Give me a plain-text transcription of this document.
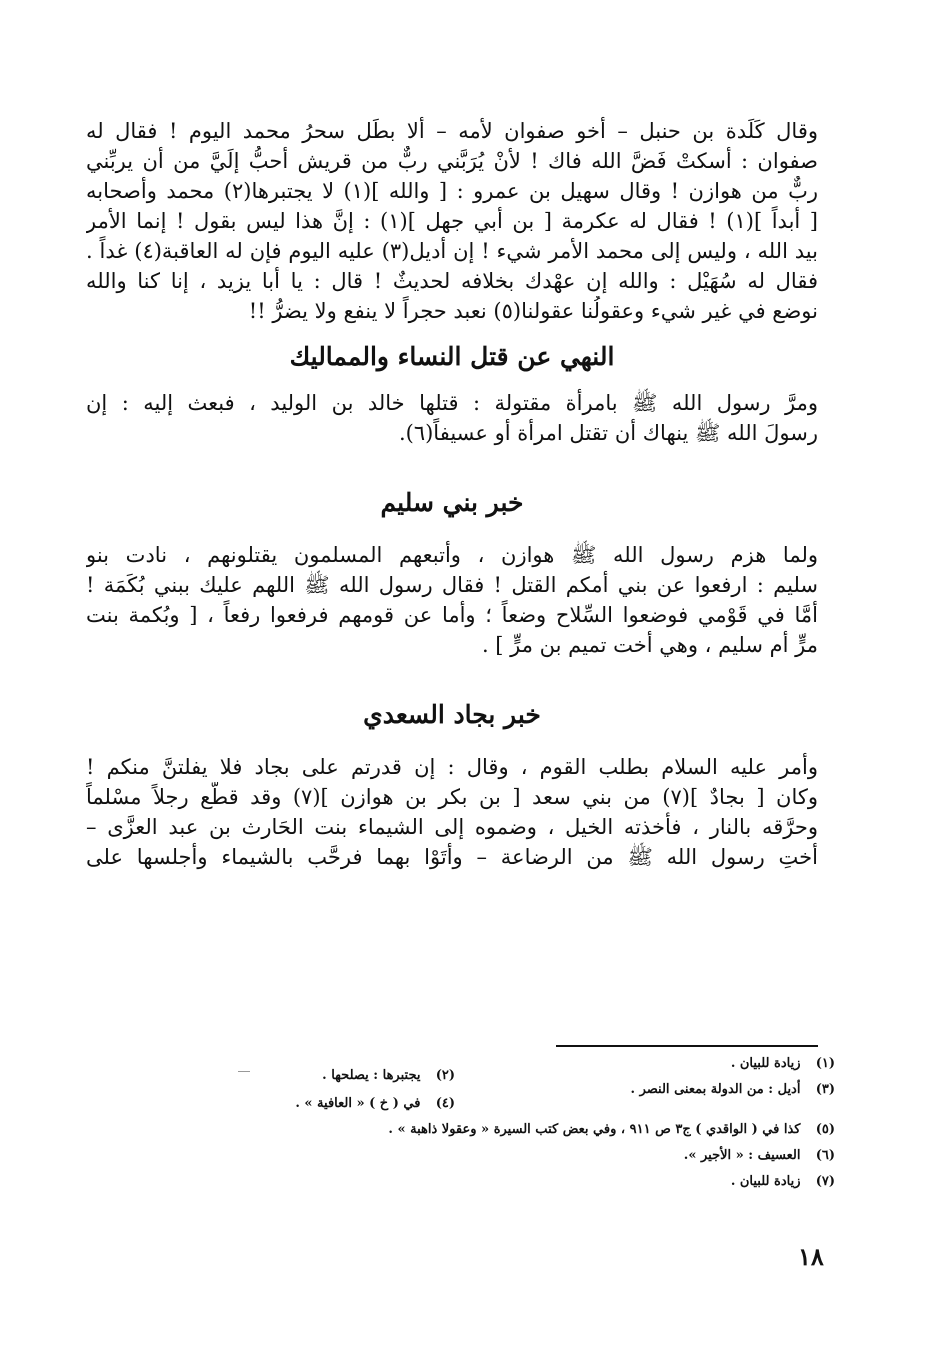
وقال كَلَدة بن حنبل – أخو صفوان لأمه – ألا بطَل سحرُ محمد اليوم ! فقال له
صفوان : أسكتْ فَضَّ الله فاك ! لأنْ يُرَبَّني ربٌّ من قريش أحبُّ إلَيَّ من أن يربِّني
ربٌّ من هوازن ! وقال سهيل بن عمرو : [ والله ](١) لا يجتبرها(٢) محمد وأصحابه
[ أبداً ](١) ! فقال له عكرمة [ بن أبي جهل ](١) : إنَّ هذا ليس بقول ! إنما الأمر
بيد الله ، وليس إلى محمد الأمر شيء ! إن أديل(٣) عليه اليوم فإن له العاقبة(٤) غداً .
فقال له سُهَيْل : والله إن عهْدك بخلافه لحديثٌ ! قال : يا أبا يزيد ، إنا كنا والله
نوضع في غير شيء وعقولُنا عقولنا(٥) نعبد حجراً لا ينفع ولا يضرُّ !!
النهي عن قتل النساء والمماليك
ومرَّ رسول الله ﷺ بامرأة مقتولة : قتلها خالد بن الوليد ، فبعث إليه : إن
رسولَ الله ﷺ ينهاك أن تقتل امرأة أو عسيفاً(٦).
خبر بني سليم
ولما هزم رسول الله ﷺ هوازن ، وأتبعهم المسلمون يقتلونهم ، نادت بنو
سليم : ارفعوا عن بني أمكم القتل ! فقال رسول الله ﷺ اللهم عليك ببني بُكَمَة !
أمَّا في قَوْمي فوضعوا السِّلاح وضعاً ؛ وأما عن قومهم فرفعوا رفعاً ، [ وبُكمة بنت
مرٍّ أم سليم ، وهي أخت تميم بن مرٍّ ] .
خبر بجاد السعدي
وأمر عليه السلام بطلب القوم ، وقال : إن قدرتم على بجاد فلا يفلتنَّ منكم !
وكان [ بجادٌ ](٧) من بني سعد [ بن بكر بن هوازن ](٧) وقد قطَّع رجلاً مسْلماً
وحرَّقه بالنار ، فأخذته الخيل ، وضموه إلى الشيماء بنت الحَارث بن عبد العزَّى –
أختِ رسول الله ﷺ من الرضاعة – وأتَوْا بهما فرحَّب بالشيماء وأجلسها على
(١) زيادة للبيان .
(٢) يجتبرها : يصلحها .
(٣) أديل : من الدولة بمعنى النصر .
(٤) في ( خ ) « العافية » .
(٥) كذا في ( الواقدي ) ج٣ ص ٩١١ ، وفي بعض كتب السيرة « وعقولا ذاهبة » .
(٦) العسيف : « الأجير ».
(٧) زيادة للبيان .
١٨
